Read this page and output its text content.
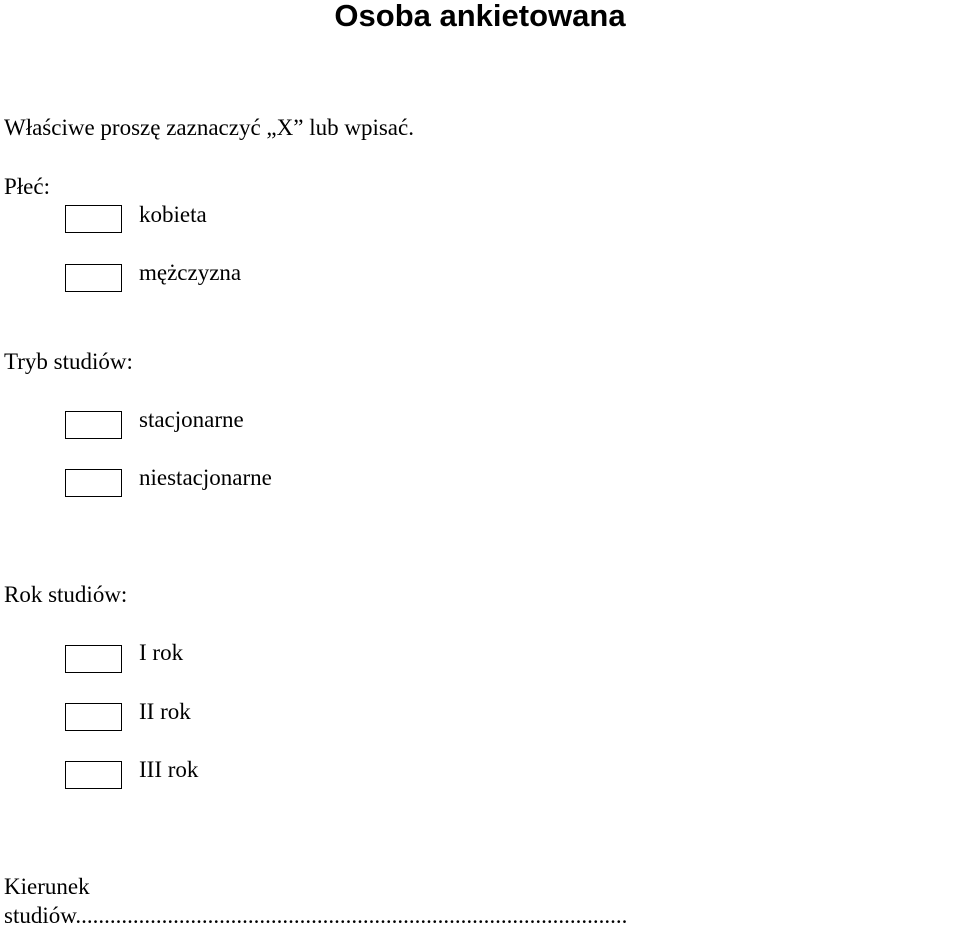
Osoba ankietowana
Właściwe proszę zaznaczyć „X” lub wpisać.
Płeć:
kobieta
mężczyzna
Tryb studiów:
stacjonarne
niestacjonarne
Rok studiów:
I rok
II rok
III rok
Kierunek
studiów................................................................................................
